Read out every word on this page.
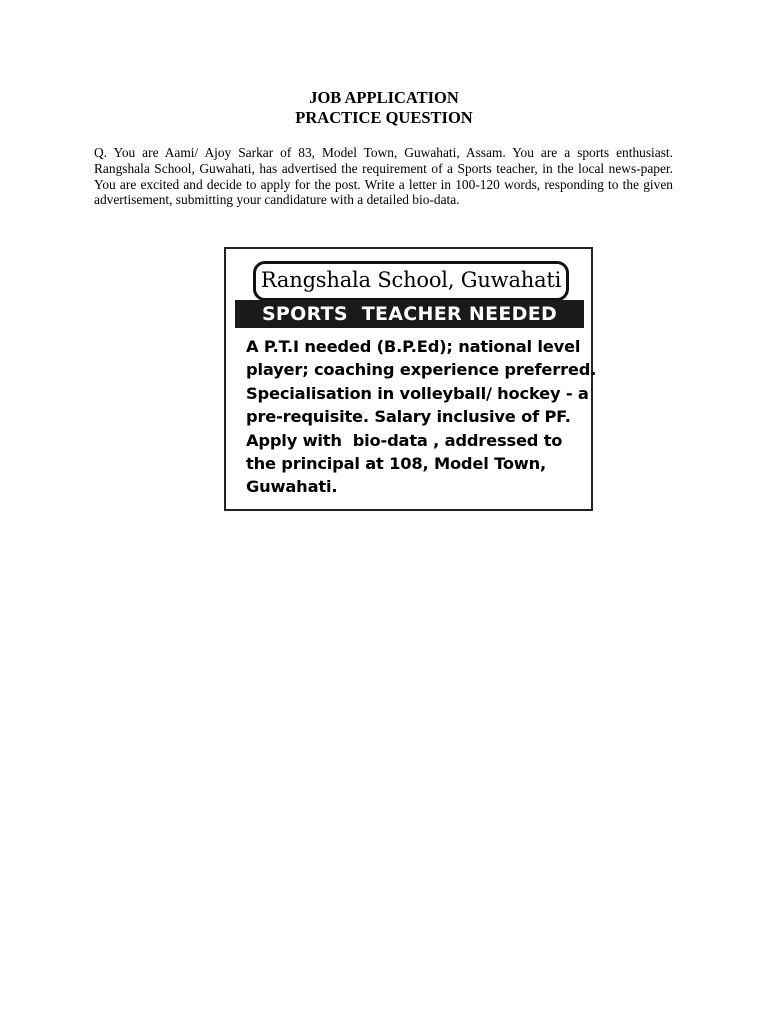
JOB APPLICATION
PRACTICE QUESTION

Q. You are Aami/ Ajoy Sarkar of 83, Model Town, Guwahati, Assam. You are a sports enthusiast. Rangshala School, Guwahati, has advertised the requirement of a Sports teacher, in the local news-paper. You are excited and decide to apply for the post. Write a letter in 100-120 words, responding to the given advertisement, submitting your candidature with a detailed bio-data.

Rangshala School, Guwahati
SPORTS  TEACHER NEEDED
A P.T.I needed (B.P.Ed); national level
player; coaching experience preferred.
Specialisation in volleyball/ hockey - a
pre-requisite. Salary inclusive of PF.
Apply with  bio-data , addressed to
the principal at 108, Model Town,
Guwahati.
